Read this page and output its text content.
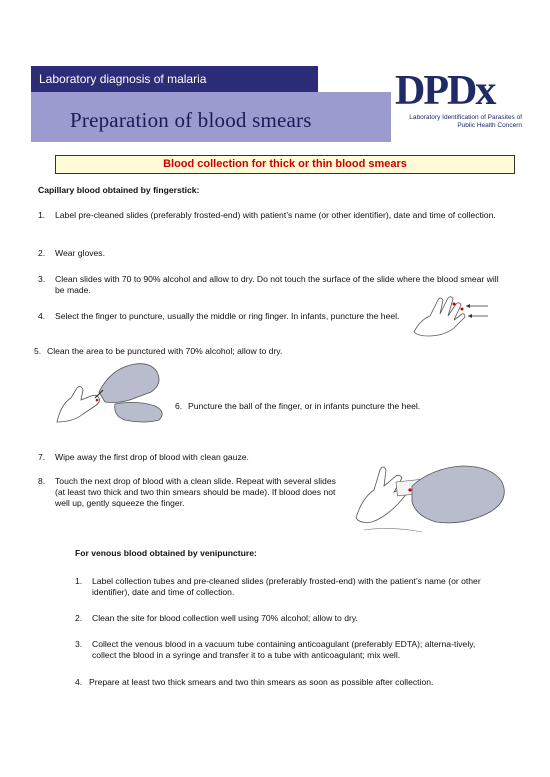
Laboratory diagnosis of malaria
Preparation of blood smears
DPDx
Laboratory Identification of Parasites of Public Health Concern
Blood collection for thick or thin blood smears
Capillary blood obtained by fingerstick:
1. Label pre-cleaned slides (preferably frosted-end) with patient’s name (or other identifier), date and time of collection.
2. Wear gloves.
3. Clean slides with 70 to 90% alcohol and allow to dry. Do not touch the surface of the slide where the blood smear will be made.
4. Select the finger to puncture, usually the middle or ring finger. In infants, puncture the heel.
5. Clean the area to be punctured with 70% alcohol; allow to dry.
6. Puncture the ball of the finger, or in infants puncture the heel.
7. Wipe away the first drop of blood with clean gauze.
8. Touch the next drop of blood with a clean slide. Repeat with several slides (at least two thick and two thin smears should be made). If blood does not well up, gently squeeze the finger.
For venous blood obtained by venipuncture:
1. Label collection tubes and pre-cleaned slides (preferably frosted-end) with the patient’s name (or other identifier), date and time of collection.
2. Clean the site for blood collection well using 70% alcohol; allow to dry.
3. Collect the venous blood in a vacuum tube containing anticoagulant (preferably EDTA); alterna-tively, collect the blood in a syringe and transfer it to a tube with anticoagulant; mix well.
4. Prepare at least two thick smears and two thin smears as soon as possible after collection.
